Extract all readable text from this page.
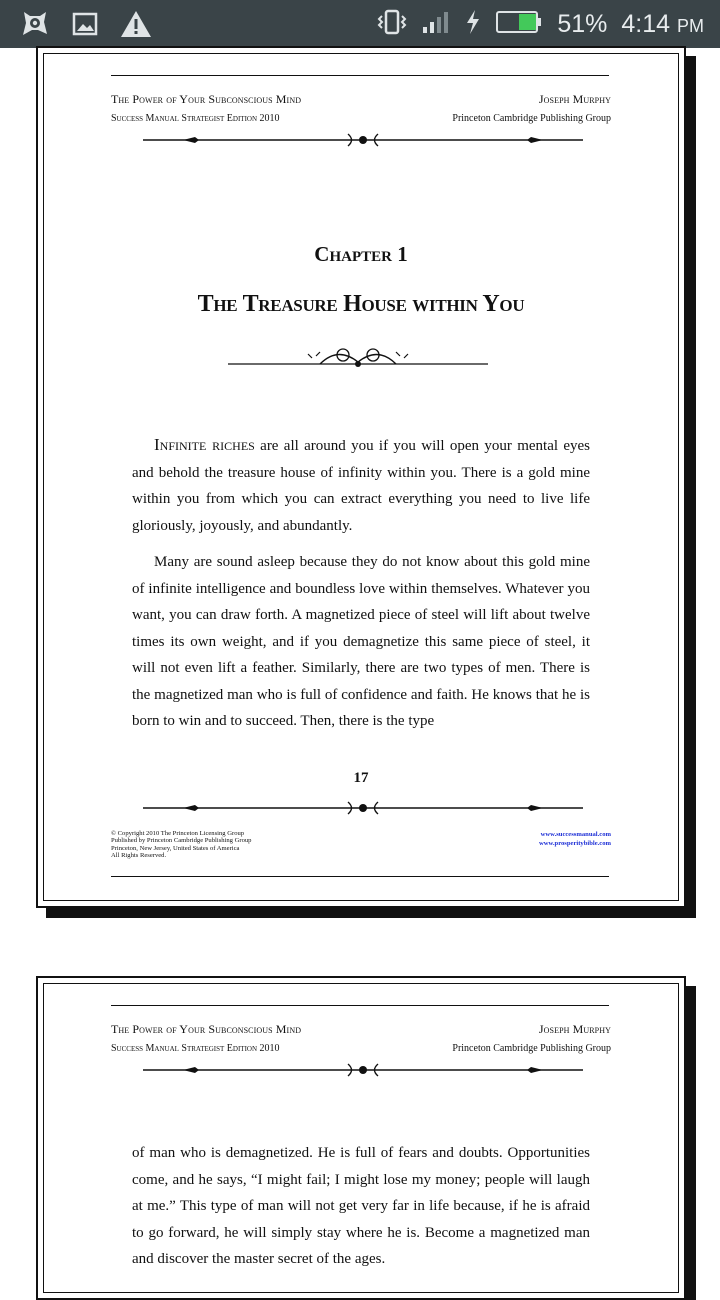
51% 4:14 PM
The Power of Your Subconscious Mind	Joseph Murphy
Success Manual Strategist Edition 2010	Princeton Cambridge Publishing Group
Chapter 1
The Treasure House within You

Infinite riches are all around you if you will open your mental eyes and behold the treasure house of infinity within you. There is a gold mine within you from which you can extract everything you need to live life gloriously, joyously, and abundantly.

Many are sound asleep because they do not know about this gold mine of infinite intelligence and boundless love within themselves. Whatever you want, you can draw forth. A magnetized piece of steel will lift about twelve times its own weight, and if you demagnetize this same piece of steel, it will not even lift a feather. Similarly, there are two types of men. There is the magnetized man who is full of confidence and faith. He knows that he is born to win and to succeed. Then, there is the type

17
© Copyright 2010 The Princeton Licensing Group
Published by Princeton Cambridge Publishing Group
Princeton, New Jersey, United States of America
All Rights Reserved.
www.successmanual.com
www.prosperitybible.com
The Power of Your Subconscious Mind	Joseph Murphy
Success Manual Strategist Edition 2010	Princeton Cambridge Publishing Group

of man who is demagnetized. He is full of fears and doubts. Opportunities come, and he says, “I might fail; I might lose my money; people will laugh at me.” This type of man will not get very far in life because, if he is afraid to go forward, he will simply stay where he is. Become a magnetized man and discover the master secret of the ages.
